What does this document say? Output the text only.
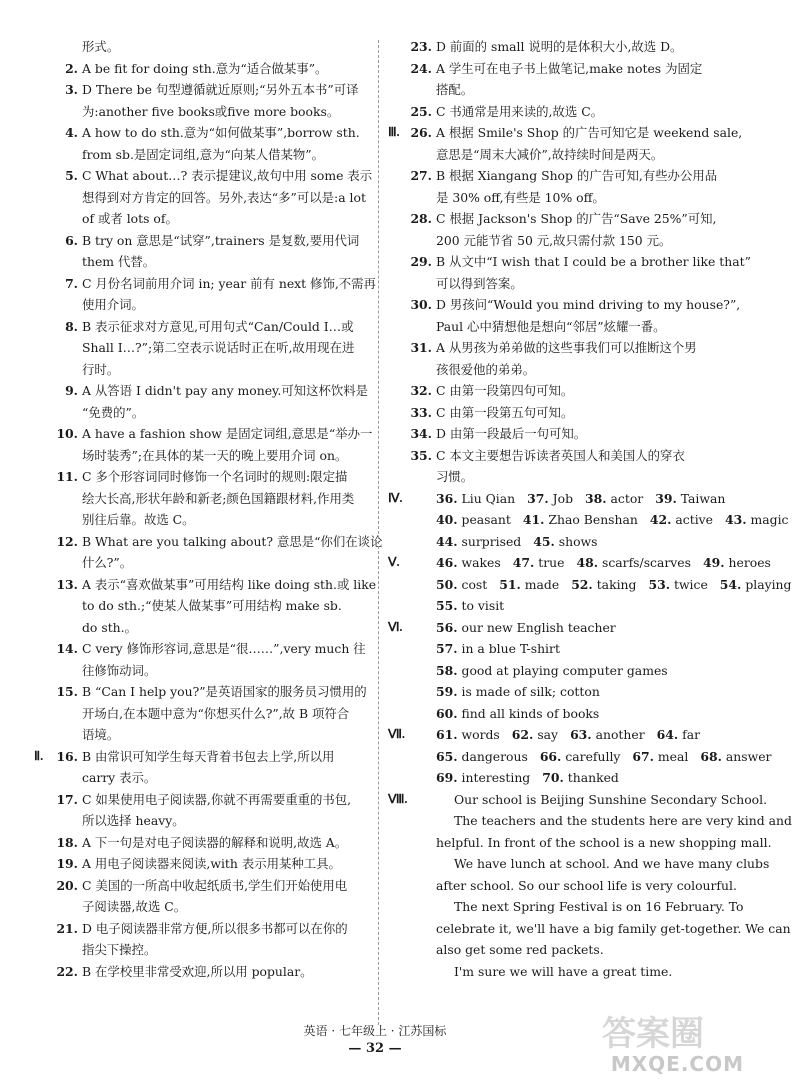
形式。
2. A be fit for doing sth.意为“适合做某事”。
3. D There be 句型遵循就近原则;“另外五本书”可译
为:another five books或five more books。
4. A how to do sth.意为“如何做某事”,borrow sth.
from sb.是固定词组,意为“向某人借某物”。
5. C What about…? 表示提建议,故句中用 some 表示
想得到对方肯定的回答。另外,表达“多”可以是:a lot
of 或者 lots of。
6. B try on 意思是“试穿”,trainers 是复数,要用代词
them 代替。
7. C 月份名词前用介词 in; year 前有 next 修饰,不需再
使用介词。
8. B 表示征求对方意见,可用句式“Can/Could I…或
Shall I…?”;第二空表示说话时正在听,故用现在进
行时。
9. A 从答语 I didn't pay any money.可知这杯饮料是
“免费的”。
10. A have a fashion show 是固定词组,意思是“举办一
场时装秀”;在具体的某一天的晚上要用介词 on。
11. C 多个形容词同时修饰一个名词时的规则:限定描
绘大长高,形状年龄和新老;颜色国籍跟材料,作用类
别往后靠。故选 C。
12. B What are you talking about? 意思是“你们在谈论
什么?”。
13. A 表示“喜欢做某事”可用结构 like doing sth.或 like
to do sth.;“使某人做某事”可用结构 make sb.
do sth.。
14. C very 修饰形容词,意思是“很……”,very much 往
往修饰动词。
15. B “Can I help you?”是英语国家的服务员习惯用的
开场白,在本题中意为“你想买什么?”,故 B 项符合
语境。
Ⅱ.	16. B 由常识可知学生每天背着书包去上学,所以用
carry 表示。
17. C 如果使用电子阅读器,你就不再需要重重的书包,
所以选择 heavy。
18. A 下一句是对电子阅读器的解释和说明,故选 A。
19. A 用电子阅读器来阅读,with 表示用某种工具。
20. C 美国的一所高中收起纸质书,学生们开始使用电
子阅读器,故选 C。
21. D 电子阅读器非常方便,所以很多书都可以在你的
指尖下操控。
22. B 在学校里非常受欢迎,所以用 popular。
23. D 前面的 small 说明的是体积大小,故选 D。
24. A 学生可在电子书上做笔记,make notes 为固定
搭配。
25. C 书通常是用来读的,故选 C。
Ⅲ. 26. A 根据 Smile's Shop 的广告可知它是 weekend sale,
意思是“周末大减价”,故持续时间是两天。
27. B 根据 Xiangang Shop 的广告可知,有些办公用品
是 30% off,有些是 10% off。
28. C 根据 Jackson's Shop 的广告“Save 25%”可知,
200 元能节省 50 元,故只需付款 150 元。
29. B 从文中“I wish that I could be a brother like that”
可以得到答案。
30. D 男孩问“Would you mind driving to my house?”,
Paul 心中猜想他是想向“邻居”炫耀一番。
31. A 从男孩为弟弟做的这些事我们可以推断这个男
孩很爱他的弟弟。
32. C 由第一段第四句可知。
33. C 由第一段第五句可知。
34. D 由第一段最后一句可知。
35. C 本文主要想告诉读者英国人和美国人的穿衣
习惯。
Ⅳ.	36. Liu Qian 37. Job 38. actor 39. Taiwan
40. peasant 41. Zhao Benshan 42. active 43. magic
44. surprised 45. shows
Ⅴ.	46. wakes 47. true 48. scarfs/scarves 49. heroes
50. cost 51. made 52. taking 53. twice 54. playing
55. to visit
Ⅵ.	56. our new English teacher
57. in a blue T-shirt
58. good at playing computer games
59. is made of silk; cotton
60. find all kinds of books
Ⅶ.	61. words 62. say 63. another 64. far
65. dangerous 66. carefully 67. meal 68. answer
69. interesting 70. thanked
Ⅷ.	Our school is Beijing Sunshine Secondary School.
The teachers and the students here are very kind and
helpful. In front of the school is a new shopping mall.
We have lunch at school. And we have many clubs
after school. So our school life is very colourful.
The next Spring Festival is on 16 February. To
celebrate it, we'll have a big family get-together. We can
also get some red packets.
I'm sure we will have a great time.
英语 · 七年级上 · 江苏国标
— 32 —	答案圈
MXQE.COM
